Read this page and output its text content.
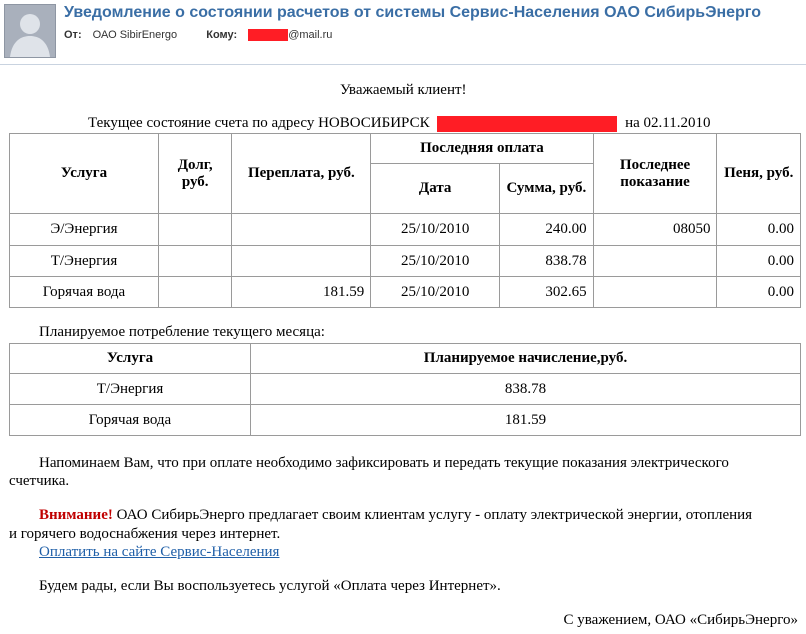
Уведомление о состоянии расчетов от системы Сервис-Населения ОАО СибирьЭнерго
От: ОАО SibirEnergo	Кому:	@mail.ru
Уважаемый клиент!
Текущее состояние счета по адресу НОВОСИБИРСК	на 02.11.2010
Услуга	Долг, руб.	Переплата, руб.	Последняя оплата		Последнее показание	Пеня, руб.
			Дата	Сумма, руб.		
Э/Энергия			25/10/2010	240.00	08050	0.00
Т/Энергия			25/10/2010	838.78		0.00
Горячая вода		181.59	25/10/2010	302.65		0.00
Планируемое потребление текущего месяца:
Услуга	Планируемое начисление,руб.
Т/Энергия	838.78
Горячая вода	181.59
Напоминаем Вам, что при оплате необходимо зафиксировать и передать текущие показания электрического
счетчика.
Внимание! ОАО СибирьЭнерго предлагает своим клиентам услугу - оплату электрической энергии, отопления
и горячего водоснабжения через интернет.
Оплатить на сайте Сервис-Населения
Будем рады, если Вы воспользуетесь услугой «Оплата через Интернет».
С уважением, ОАО «СибирьЭнерго»
